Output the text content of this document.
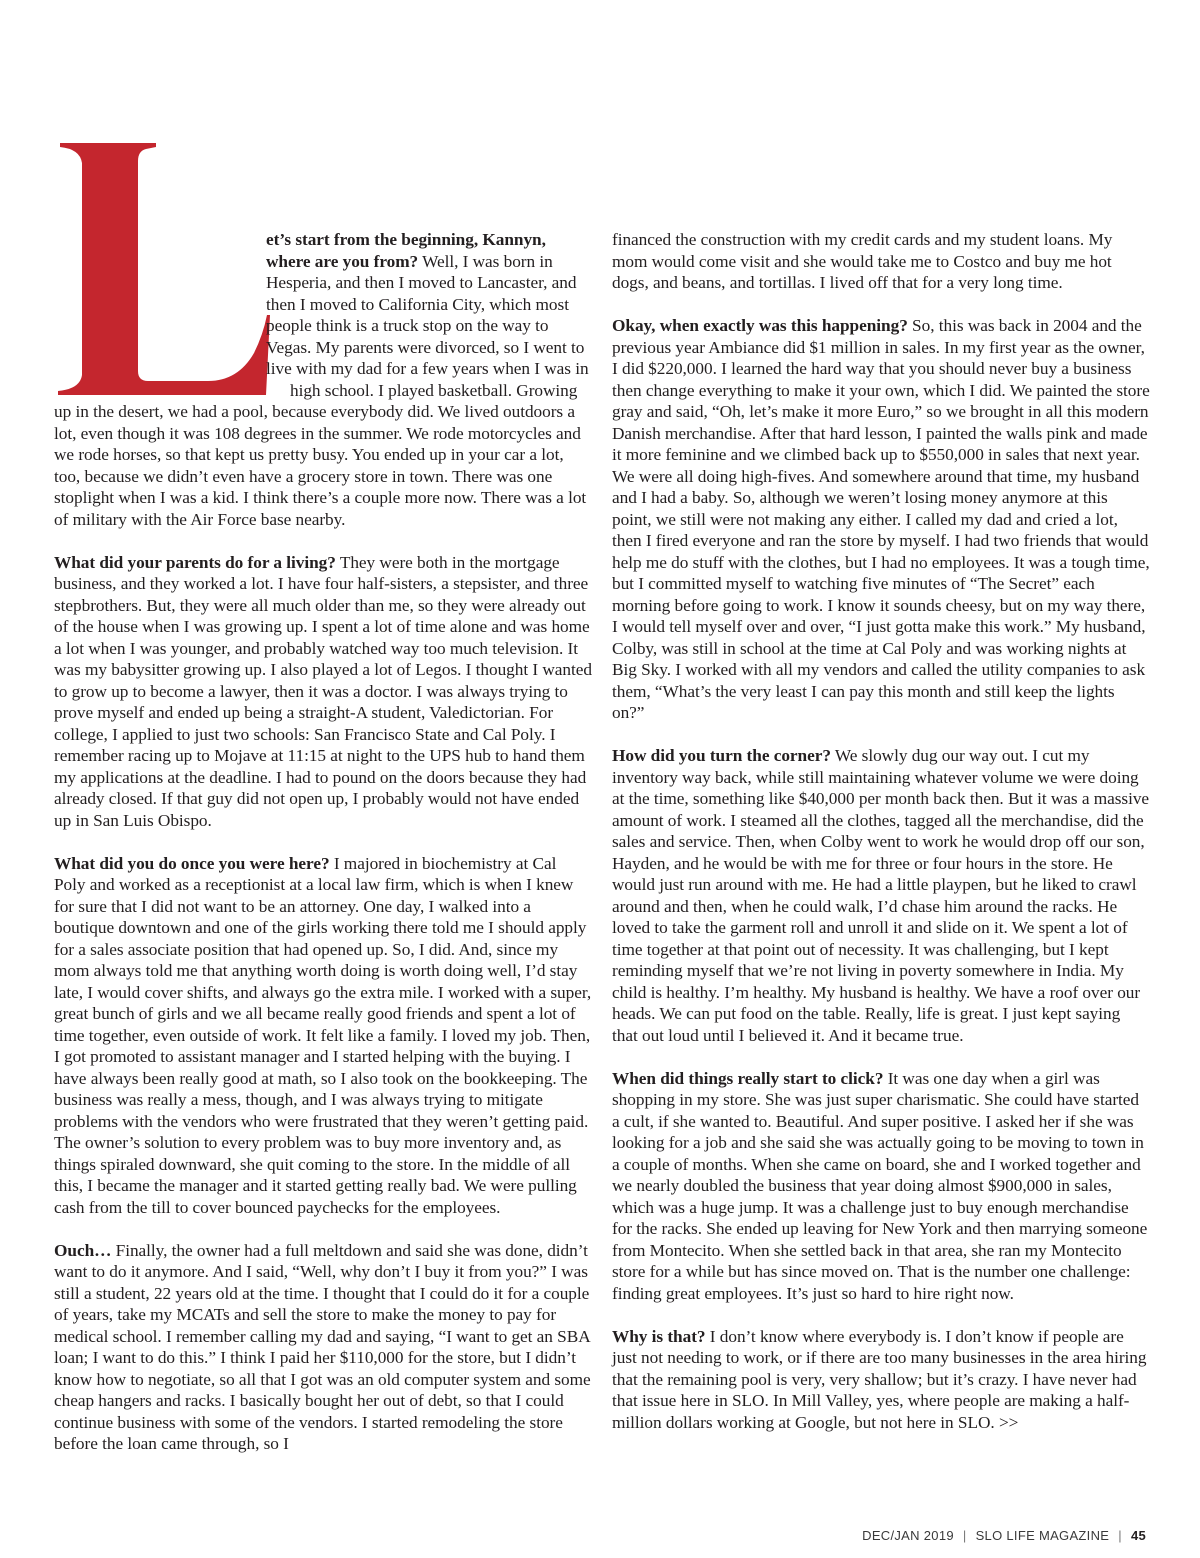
et’s start from the beginning, Kannyn, where are you from? Well, I was born in Hesperia, and then I moved to Lancaster, and then I moved to California City, which most people think is a truck stop on the way to Vegas. My parents were divorced, so I went to live with my dad for a few years when I was in high school. I played basketball. Growing up in the desert, we had a pool, because everybody did. We lived outdoors a lot, even though it was 108 degrees in the summer. We rode motorcycles and we rode horses, so that kept us pretty busy. You ended up in your car a lot, too, because we didn’t even have a grocery store in town. There was one stoplight when I was a kid. I think there’s a couple more now. There was a lot of military with the Air Force base nearby.

What did your parents do for a living? They were both in the mortgage business, and they worked a lot. I have four half-sisters, a stepsister, and three stepbrothers. But, they were all much older than me, so they were already out of the house when I was growing up. I spent a lot of time alone and was home a lot when I was younger, and probably watched way too much television. It was my babysitter growing up. I also played a lot of Legos. I thought I wanted to grow up to become a lawyer, then it was a doctor. I was always trying to prove myself and ended up being a straight-A student, Valedictorian. For college, I applied to just two schools: San Francisco State and Cal Poly. I remember racing up to Mojave at 11:15 at night to the UPS hub to hand them my applications at the deadline. I had to pound on the doors because they had already closed. If that guy did not open up, I probably would not have ended up in San Luis Obispo.

What did you do once you were here? I majored in biochemistry at Cal Poly and worked as a receptionist at a local law firm, which is when I knew for sure that I did not want to be an attorney. One day, I walked into a boutique downtown and one of the girls working there told me I should apply for a sales associate position that had opened up. So, I did. And, since my mom always told me that anything worth doing is worth doing well, I’d stay late, I would cover shifts, and always go the extra mile. I worked with a super, great bunch of girls and we all became really good friends and spent a lot of time together, even outside of work. It felt like a family. I loved my job. Then, I got promoted to assistant manager and I started helping with the buying. I have always been really good at math, so I also took on the bookkeeping. The business was really a mess, though, and I was always trying to mitigate problems with the vendors who were frustrated that they weren’t getting paid. The owner’s solution to every problem was to buy more inventory and, as things spiraled downward, she quit coming to the store. In the middle of all this, I became the manager and it started getting really bad. We were pulling cash from the till to cover bounced paychecks for the employees.

Ouch… Finally, the owner had a full meltdown and said she was done, didn’t want to do it anymore. And I said, “Well, why don’t I buy it from you?” I was still a student, 22 years old at the time. I thought that I could do it for a couple of years, take my MCATs and sell the store to make the money to pay for medical school. I remember calling my dad and saying, “I want to get an SBA loan; I want to do this.” I think I paid her $110,000 for the store, but I didn’t know how to negotiate, so all that I got was an old computer system and some cheap hangers and racks. I basically bought her out of debt, so that I could continue business with some of the vendors. I started remodeling the store before the loan came through, so I

financed the construction with my credit cards and my student loans. My mom would come visit and she would take me to Costco and buy me hot dogs, and beans, and tortillas. I lived off that for a very long time.

Okay, when exactly was this happening? So, this was back in 2004 and the previous year Ambiance did $1 million in sales. In my first year as the owner, I did $220,000. I learned the hard way that you should never buy a business then change everything to make it your own, which I did. We painted the store gray and said, “Oh, let’s make it more Euro,” so we brought in all this modern Danish merchandise. After that hard lesson, I painted the walls pink and made it more feminine and we climbed back up to $550,000 in sales that next year. We were all doing high-fives. And somewhere around that time, my husband and I had a baby. So, although we weren’t losing money anymore at this point, we still were not making any either. I called my dad and cried a lot, then I fired everyone and ran the store by myself. I had two friends that would help me do stuff with the clothes, but I had no employees. It was a tough time, but I committed myself to watching five minutes of “The Secret” each morning before going to work. I know it sounds cheesy, but on my way there, I would tell myself over and over, “I just gotta make this work.” My husband, Colby, was still in school at the time at Cal Poly and was working nights at Big Sky. I worked with all my vendors and called the utility companies to ask them, “What’s the very least I can pay this month and still keep the lights on?”

How did you turn the corner? We slowly dug our way out. I cut my inventory way back, while still maintaining whatever volume we were doing at the time, something like $40,000 per month back then. But it was a massive amount of work. I steamed all the clothes, tagged all the merchandise, did the sales and service. Then, when Colby went to work he would drop off our son, Hayden, and he would be with me for three or four hours in the store. He would just run around with me. He had a little playpen, but he liked to crawl around and then, when he could walk, I’d chase him around the racks. He loved to take the garment roll and unroll it and slide on it. We spent a lot of time together at that point out of necessity. It was challenging, but I kept reminding myself that we’re not living in poverty somewhere in India. My child is healthy. I’m healthy. My husband is healthy. We have a roof over our heads. We can put food on the table. Really, life is great. I just kept saying that out loud until I believed it. And it became true.

When did things really start to click? It was one day when a girl was shopping in my store. She was just super charismatic. She could have started a cult, if she wanted to. Beautiful. And super positive. I asked her if she was looking for a job and she said she was actually going to be moving to town in a couple of months. When she came on board, she and I worked together and we nearly doubled the business that year doing almost $900,000 in sales, which was a huge jump. It was a challenge just to buy enough merchandise for the racks. She ended up leaving for New York and then marrying someone from Montecito. When she settled back in that area, she ran my Montecito store for a while but has since moved on. That is the number one challenge: finding great employees. It’s just so hard to hire right now.

Why is that? I don’t know where everybody is. I don’t know if people are just not needing to work, or if there are too many businesses in the area hiring that the remaining pool is very, very shallow; but it’s crazy. I have never had that issue here in SLO. In Mill Valley, yes, where people are making a half-million dollars working at Google, but not here in SLO. >>

DEC/JAN 2019 | SLO LIFE MAGAZINE | 45
